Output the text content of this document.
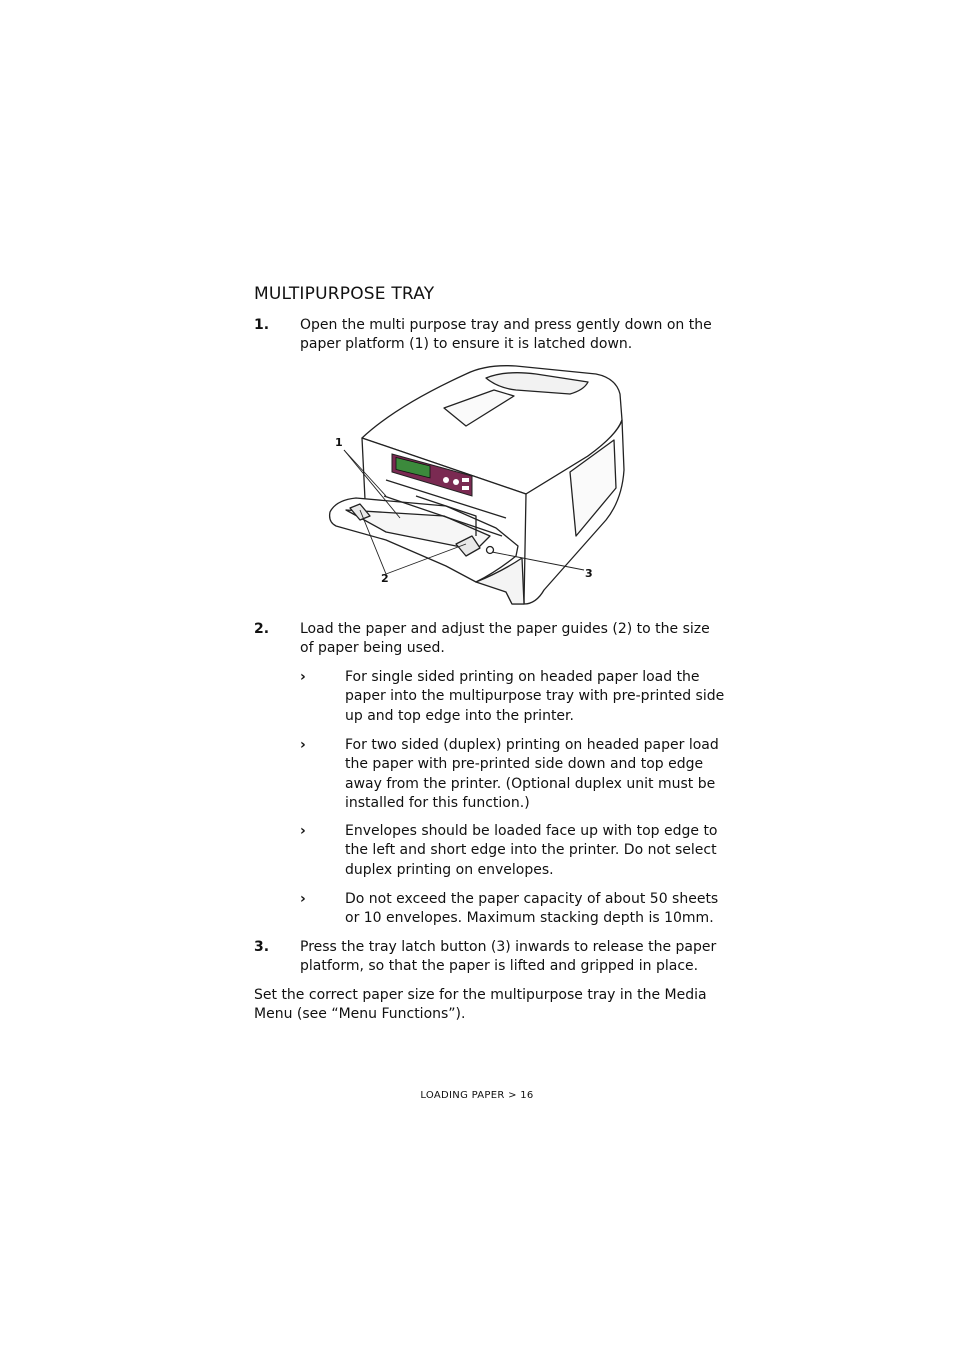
MULTIPURPOSE TRAY
1. Open the multi purpose tray and press gently down on the paper platform (1) to ensure it is latched down.
1
2	3
2. Load the paper and adjust the paper guides (2) to the size of paper being used.
›	For single sided printing on headed paper load the paper into the multipurpose tray with pre-printed side up and top edge into the printer.
›	For two sided (duplex) printing on headed paper load the paper with pre-printed side down and top edge away from the printer. (Optional duplex unit must be installed for this function.)
›	Envelopes should be loaded face up with top edge to the left and short edge into the printer. Do not select duplex printing on envelopes.
›	Do not exceed the paper capacity of about 50 sheets or 10 envelopes. Maximum stacking depth is 10mm.
3. Press the tray latch button (3) inwards to release the paper platform, so that the paper is lifted and gripped in place.

Set the correct paper size for the multipurpose tray in the Media Menu (see “Menu Functions”).

LOADING PAPER > 16
